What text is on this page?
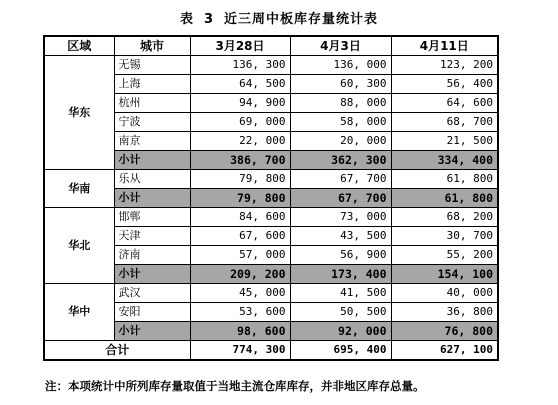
表 3 近三周中板库存量统计表
区域	城市	3月28日	4月3日	4月11日
华东	无锡	136, 300	136, 000	123, 200
	上海	64, 500	60, 300	56, 400
	杭州	94, 900	88, 000	64, 600
	宁波	69, 000	58, 000	68, 700
	南京	22, 000	20, 000	21, 500
	小计	386, 700	362, 300	334, 400
华南	乐从	79, 800	67, 700	61, 800
	小计	79, 800	67, 700	61, 800
华北	邯郸	84, 600	73, 000	68, 200
	天津	67, 600	43, 500	30, 700
	济南	57, 000	56, 900	55, 200
	小计	209, 200	173, 400	154, 100
华中	武汉	45, 000	41, 500	40, 000
	安阳	53, 600	50, 500	36, 800
	小计	98, 600	92, 000	76, 800
合计		774, 300	695, 400	627, 100
注：本项统计中所列库存量取值于当地主流仓库库存，并非地区库存总量。
